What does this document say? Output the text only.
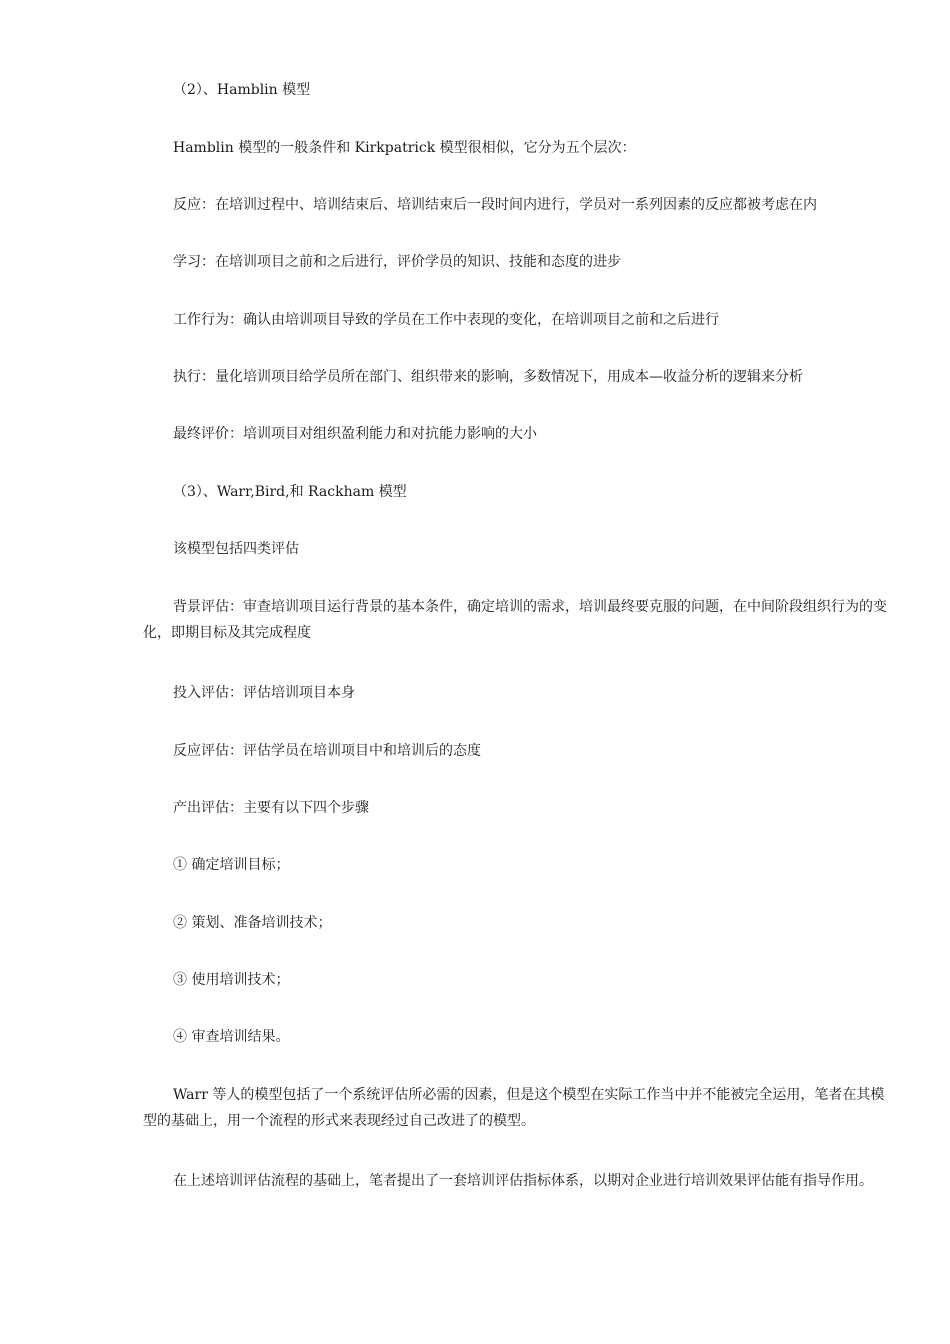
（2）、Hamblin 模型

Hamblin 模型的一般条件和 Kirkpatrick 模型很相似，它分为五个层次：

反应：在培训过程中、培训结束后、培训结束后一段时间内进行，学员对一系列因素的反应都被考虑在内

学习：在培训项目之前和之后进行，评价学员的知识、技能和态度的进步

工作行为：确认由培训项目导致的学员在工作中表现的变化，在培训项目之前和之后进行

执行：量化培训项目给学员所在部门、组织带来的影响，多数情况下，用成本—收益分析的逻辑来分析

最终评价：培训项目对组织盈利能力和对抗能力影响的大小

（3）、Warr,Bird,和 Rackham 模型

该模型包括四类评估

背景评估：审查培训项目运行背景的基本条件，确定培训的需求，培训最终要克服的问题，在中间阶段组织行为的变化，即期目标及其完成程度

投入评估：评估培训项目本身

反应评估：评估学员在培训项目中和培训后的态度

产出评估：主要有以下四个步骤

① 确定培训目标；

② 策划、准备培训技术；

③ 使用培训技术；

④ 审查培训结果。

Warr 等人的模型包括了一个系统评估所必需的因素，但是这个模型在实际工作当中并不能被完全运用，笔者在其模型的基础上，用一个流程的形式来表现经过自己改进了的模型。

在上述培训评估流程的基础上，笔者提出了一套培训评估指标体系，以期对企业进行培训效果评估能有指导作用。
